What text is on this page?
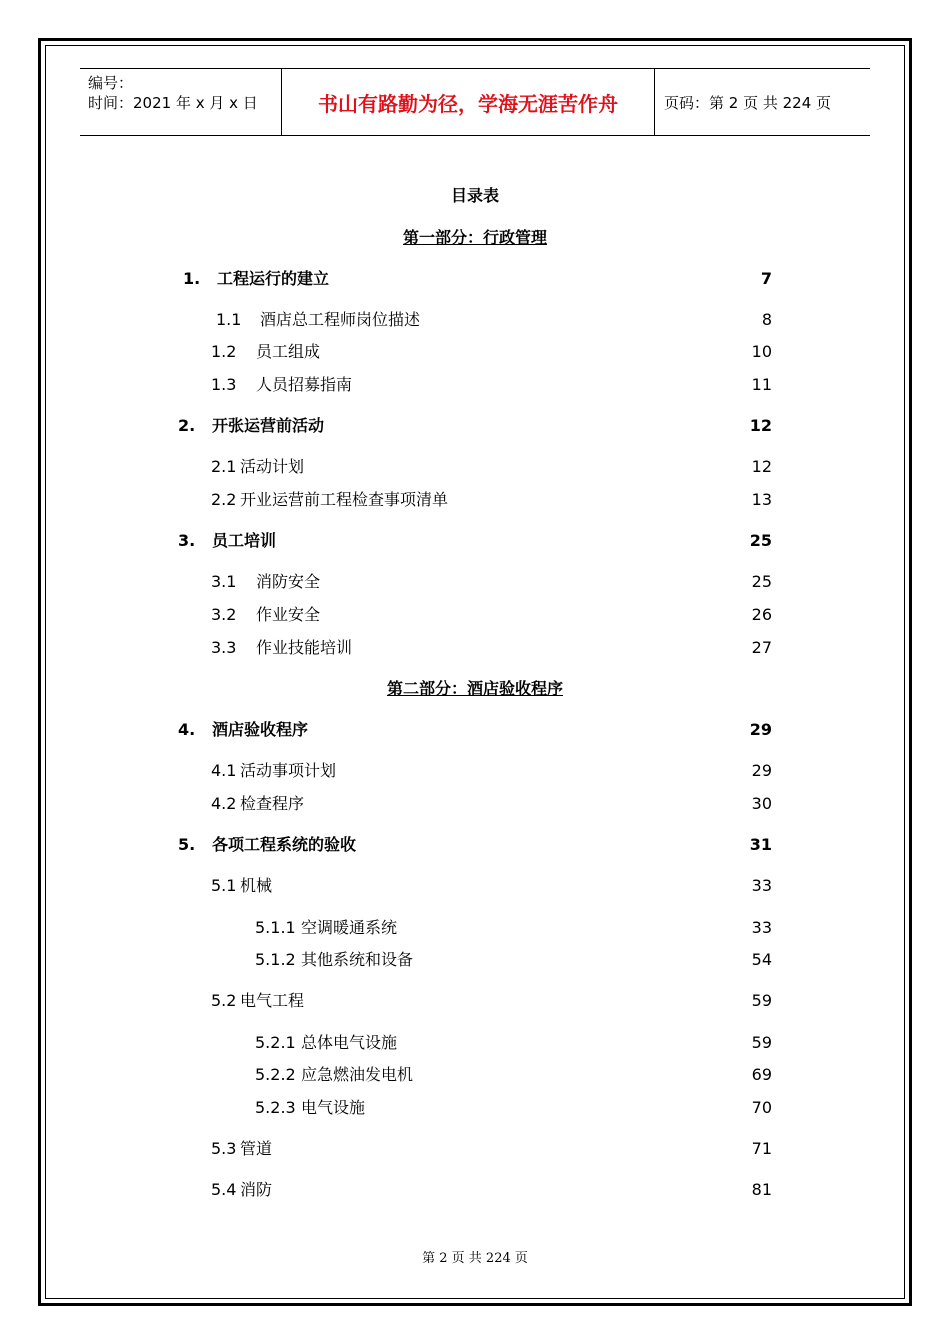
编号：
时间：2021 年 x 月 x 日	书山有路勤为径，学海无涯苦作舟	页码：第 2 页 共 224 页
目录表
第一部分：行政管理
1. 工程运行的建立	7
1.1 酒店总工程师岗位描述	8
1.2 员工组成	10
1.3 人员招募指南	11
2. 开张运营前活动	12
2.1 活动计划	12
2.2 开业运营前工程检查事项清单	13
3. 员工培训	25
3.1 消防安全	25
3.2 作业安全	26
3.3 作业技能培训	27
第二部分：酒店验收程序
4. 酒店验收程序	29
4.1 活动事项计划	29
4.2 检查程序	30
5. 各项工程系统的验收	31
5.1 机械	33
5.1.1 空调暖通系统	33
5.1.2 其他系统和设备	54
5.2 电气工程	59
5.2.1 总体电气设施	59
5.2.2 应急燃油发电机	69
5.2.3 电气设施	70
5.3 管道	71
5.4 消防	81
第 2 页 共 224 页
